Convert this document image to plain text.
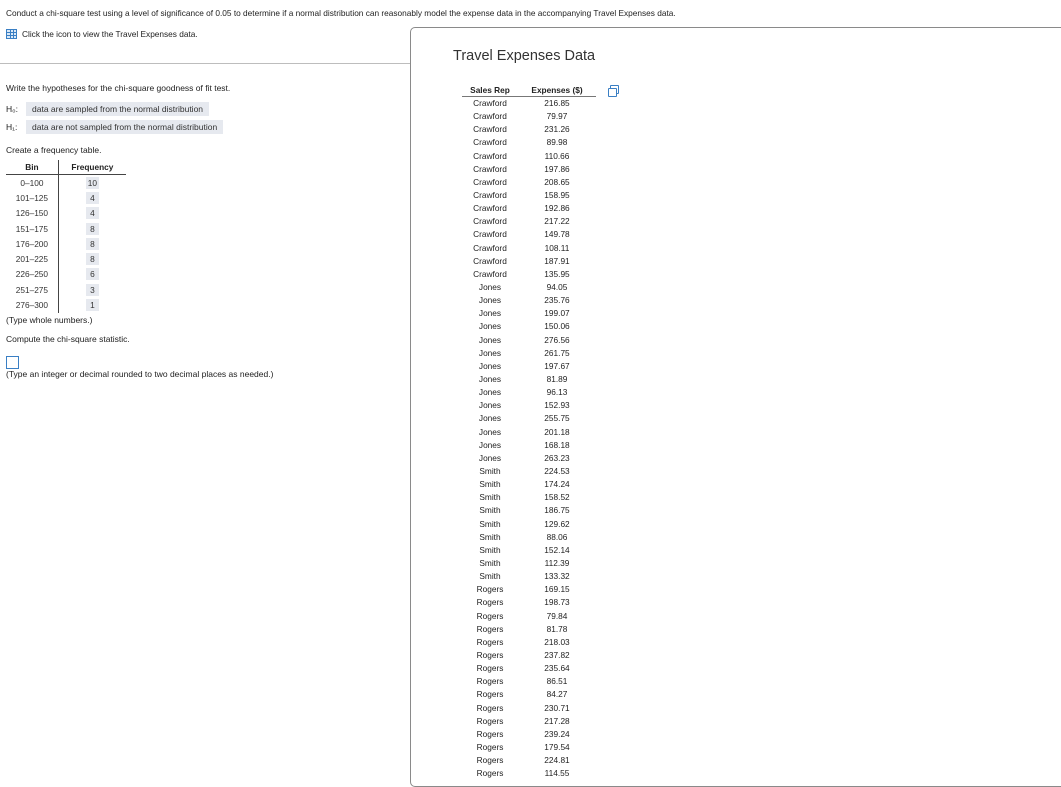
Conduct a chi-square test using a level of significance of 0.05 to determine if a normal distribution can reasonably model the expense data in the accompanying Travel Expenses data.
Click the icon to view the Travel Expenses data.
Write the hypotheses for the chi-square goodness of fit test.
H₀:	data are sampled from the normal distribution
H₁:	data are not sampled from the normal distribution
Create a frequency table.
Bin	Frequency
0–100	10
101–125	4
126–150	4
151–175	8
176–200	8
201–225	8
226–250	6
251–275	3
276–300	1
(Type whole numbers.)
Compute the chi-square statistic.
(Type an integer or decimal rounded to two decimal places as needed.)
Travel Expenses Data
Sales Rep	Expenses ($)
Crawford	216.85
Crawford	79.97
Crawford	231.26
Crawford	89.98
Crawford	110.66
Crawford	197.86
Crawford	208.65
Crawford	158.95
Crawford	192.86
Crawford	217.22
Crawford	149.78
Crawford	108.11
Crawford	187.91
Crawford	135.95
Jones	94.05
Jones	235.76
Jones	199.07
Jones	150.06
Jones	276.56
Jones	261.75
Jones	197.67
Jones	81.89
Jones	96.13
Jones	152.93
Jones	255.75
Jones	201.18
Jones	168.18
Jones	263.23
Smith	224.53
Smith	174.24
Smith	158.52
Smith	186.75
Smith	129.62
Smith	88.06
Smith	152.14
Smith	112.39
Smith	133.32
Rogers	169.15
Rogers	198.73
Rogers	79.84
Rogers	81.78
Rogers	218.03
Rogers	237.82
Rogers	235.64
Rogers	86.51
Rogers	84.27
Rogers	230.71
Rogers	217.28
Rogers	239.24
Rogers	179.54
Rogers	224.81
Rogers	114.55
